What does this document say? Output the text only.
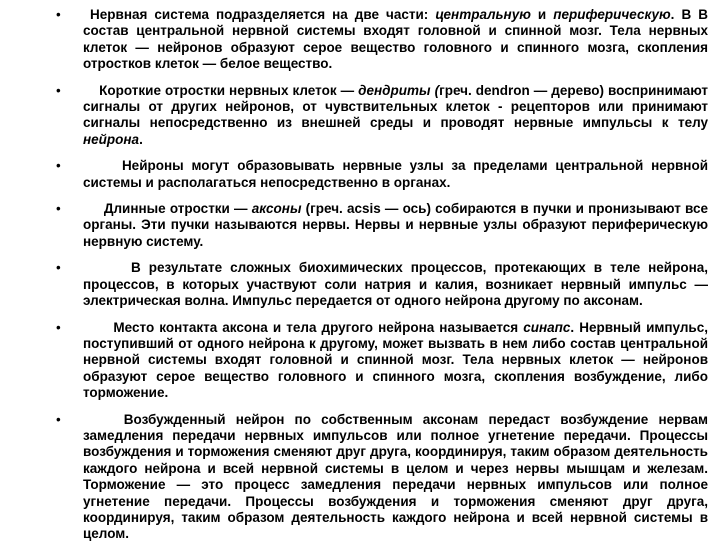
•	Нервная система подразделяется на две части: центральную и периферическую. В В состав центральной нервной системы входят головной и спинной мозг. Тела нервных клеток — нейронов образуют серое вещество головного и спинного мозга, скопления отростков клеток — белое вещество.
•	Короткие отростки нервных клеток — дендриты (греч. dendron — дерево) воспринимают сигналы от других нейронов, от чувствительных клеток - рецепторов или принимают сигналы непосредственно из внешней среды и проводят нервные импульсы к телу нейрона.
•	Нейроны могут образовывать нервные узлы за пределами центральной нервной системы и располагаться непосредственно в органах.
•	Длинные отростки — аксоны (греч. acsis — ось) собираются в пучки и пронизывают все органы. Эти пучки называются нервы. Нервы и нервные узлы образуют периферическую нервную систему.
•	В результате сложных биохимических процессов, протекающих в теле нейрона, процессов, в которых участвуют соли натрия и калия, возникает нервный импульс — электрическая волна. Импульс передается от одного нейрона другому по аксонам.
•	Место контакта аксона и тела другого нейрона называется синапс. Нервный импульс, поступивший от одного нейрона к другому, может вызвать в нем либо состав центральной нервной системы входят головной и спинной мозг. Тела нервных клеток — нейронов образуют серое вещество головного и спинного мозга, скопления возбуждение, либо торможение.
•	Возбужденный нейрон по собственным аксонам передаст возбуждение нервам замедления передачи нервных импульсов или полное угнетение передачи. Процессы возбуждения и торможения сменяют друг друга, координируя, таким образом деятельность каждого нейрона и всей нервной системы в целом и через нервы мышцам и железам. Торможение — это процесс замедления передачи нервных импульсов или полное угнетение передачи. Процессы возбуждения и торможения сменяют друг друга, координируя, таким образом деятельность каждого нейрона и всей нервной системы в целом.
